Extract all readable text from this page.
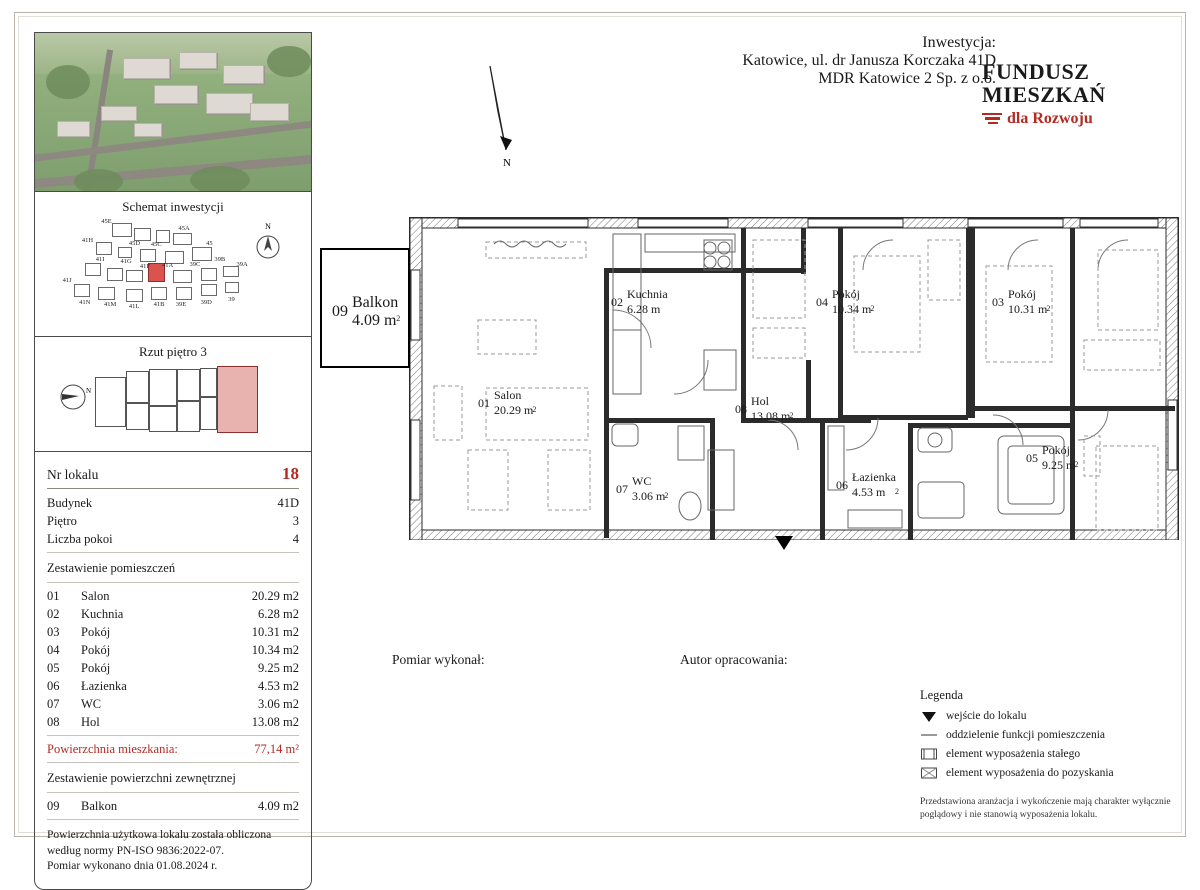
Schemat inwestycji
N
45E
45D 45C
45A
45
41H
41I 41G
41F 41A	39C
39B
39A
41J
41N 41M 41L 41B 39E 39D	39
Rzut piętro 3
N
Nr lokalu	18
Budynek	41D
Piętro	3
Liczba pokoi	4
Zestawienie pomieszczeń
01	Salon	20.29 m2
02	Kuchnia	6.28 m2
03	Pokój	10.31 m2
04	Pokój	10.34 m2
05	Pokój	9.25 m2
06	Łazienka	4.53 m2
07	WC	3.06 m2
08	Hol	13.08 m2
Powierzchnia mieszkania:	77,14 m²
Zestawienie powierzchni zewnętrznej
09	Balkon	4.09 m2
Powierzchnia użytkowa lokalu została obliczona
według normy PN-ISO 9836:2022-07.
Pomiar wykonano dnia 01.08.2024 r.
Inwestycja:
Katowice, ul. dr Janusza Korczaka 41D
MDR Katowice 2 Sp. z o.o.
FUNDUSZ
MIESZKAŃ
dla Rozwoju
N
09
Balkon
4.09 $m^2$
01
Salon
20.29 $m^2$
02
Kuchnia
6.28 m
04
Pokój
10.34 $m^2$	03
Pokój
10.31 $m^2$
08
Hol
13.08 $m^2$
05
Pokój
9.25 $m^2$
06
Łazienka
4.53 m	$^2$
07
WC
3.06 $m^2$
Pomiar wykonał:	Autor opracowania:
Legenda
wejście do lokalu
oddzielenie funkcji pomieszczenia
element wyposażenia stałego
element wyposażenia do pozyskania
Przedstawiona aranżacja i wykończenie mają charakter wyłącznie
poglądowy i nie stanowią wyposażenia lokalu.
